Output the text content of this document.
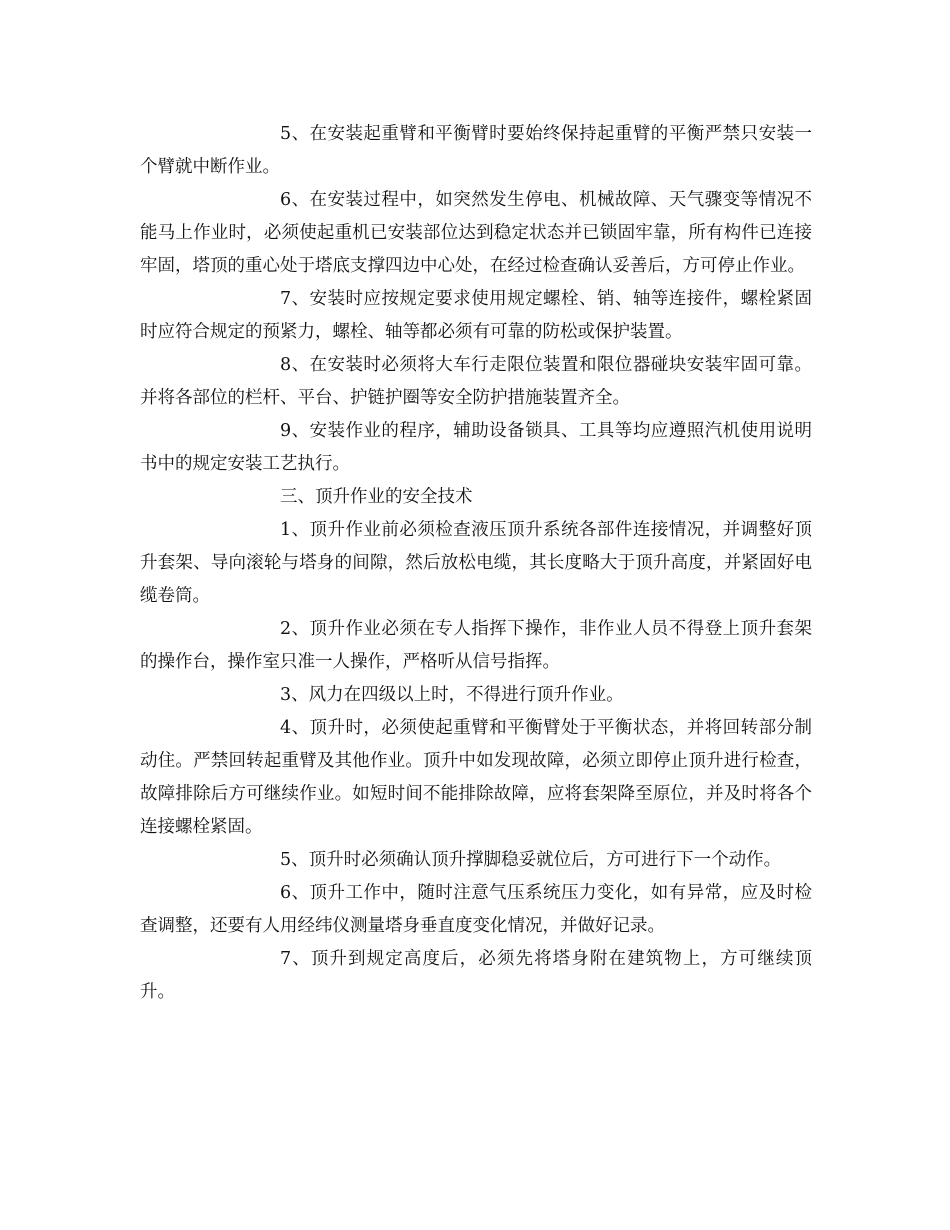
5、在安装起重臂和平衡臂时要始终保持起重臂的平衡严禁只安装一个臂就中断作业。

6、在安装过程中，如突然发生停电、机械故障、天气骤变等情况不能马上作业时，必须使起重机已安装部位达到稳定状态并已锁固牢靠，所有构件已连接牢固，塔顶的重心处于塔底支撑四边中心处，在经过检查确认妥善后，方可停止作业。

7、安装时应按规定要求使用规定螺栓、销、轴等连接件，螺栓紧固时应符合规定的预紧力，螺栓、轴等都必须有可靠的防松或保护装置。

8、在安装时必须将大车行走限位装置和限位器碰块安装牢固可靠。并将各部位的栏杆、平台、护链护圈等安全防护措施装置齐全。

9、安装作业的程序，辅助设备锁具、工具等均应遵照汽机使用说明书中的规定安装工艺执行。

三、顶升作业的安全技术

1、顶升作业前必须检查液压顶升系统各部件连接情况，并调整好顶升套架、导向滚轮与塔身的间隙，然后放松电缆，其长度略大于顶升高度，并紧固好电缆卷筒。

2、顶升作业必须在专人指挥下操作，非作业人员不得登上顶升套架的操作台，操作室只准一人操作，严格听从信号指挥。

3、风力在四级以上时，不得进行顶升作业。

4、顶升时，必须使起重臂和平衡臂处于平衡状态，并将回转部分制动住。严禁回转起重臂及其他作业。顶升中如发现故障，必须立即停止顶升进行检查，故障排除后方可继续作业。如短时间不能排除故障，应将套架降至原位，并及时将各个连接螺栓紧固。

5、顶升时必须确认顶升撑脚稳妥就位后，方可进行下一个动作。

6、顶升工作中，随时注意气压系统压力变化，如有异常，应及时检查调整，还要有人用经纬仪测量塔身垂直度变化情况，并做好记录。

7、顶升到规定高度后，必须先将塔身附在建筑物上，方可继续顶升。
